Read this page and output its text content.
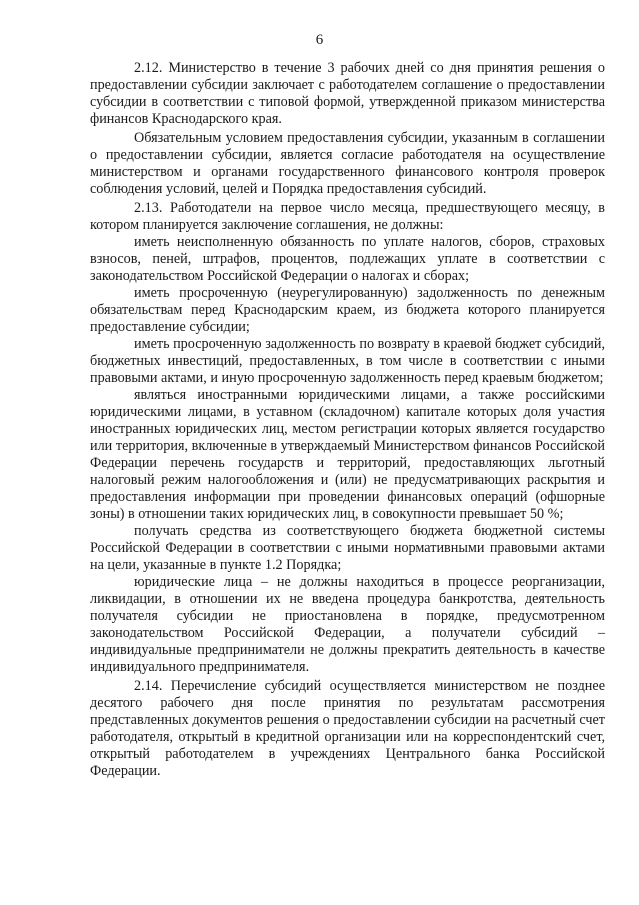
6

2.12. Министерство в течение 3 рабочих дней со дня принятия решения о предоставлении субсидии заключает с работодателем соглашение о предоставлении субсидии в соответствии с типовой формой, утвержденной приказом министерства финансов Краснодарского края.

Обязательным условием предоставления субсидии, указанным в соглашении о предоставлении субсидии, является согласие работодателя на осуществление министерством и органами государственного финансового контроля проверок соблюдения условий, целей и Порядка предоставления субсидий.

2.13. Работодатели на первое число месяца, предшествующего месяцу, в котором планируется заключение соглашения, не должны:

иметь неисполненную обязанность по уплате налогов, сборов, страховых взносов, пеней, штрафов, процентов, подлежащих уплате в соответствии с законодательством Российской Федерации о налогах и сборах;

иметь просроченную (неурегулированную) задолженность по денежным обязательствам перед Краснодарским краем, из бюджета которого планируется предоставление субсидии;

иметь просроченную задолженность по возврату в краевой бюджет субсидий, бюджетных инвестиций, предоставленных, в том числе в соответствии с иными правовыми актами, и иную просроченную задолженность перед краевым бюджетом;

являться иностранными юридическими лицами, а также российскими юридическими лицами, в уставном (складочном) капитале которых доля участия иностранных юридических лиц, местом регистрации которых является государство или территория, включенные в утверждаемый Министерством финансов Российской Федерации перечень государств и территорий, предоставляющих льготный налоговый режим налогообложения и (или) не предусматривающих раскрытия и предоставления информации при проведении финансовых операций (офшорные зоны) в отношении таких юридических лиц, в совокупности превышает 50 %;

получать средства из соответствующего бюджета бюджетной системы Российской Федерации в соответствии с иными нормативными правовыми актами на цели, указанные в пункте 1.2 Порядка;

юридические лица – не должны находиться в процессе реорганизации, ликвидации, в отношении их не введена процедура банкротства, деятельность получателя субсидии не приостановлена в порядке, предусмотренном законодательством Российской Федерации, а получатели субсидий – индивидуальные предприниматели не должны прекратить деятельность в качестве индивидуального предпринимателя.

2.14. Перечисление субсидий осуществляется министерством не позднее десятого рабочего дня после принятия по результатам рассмотрения представленных документов решения о предоставлении субсидии на расчетный счет работодателя, открытый в кредитной организации или на корреспондентский счет, открытый работодателем в учреждениях Центрального банка Российской Федерации.
